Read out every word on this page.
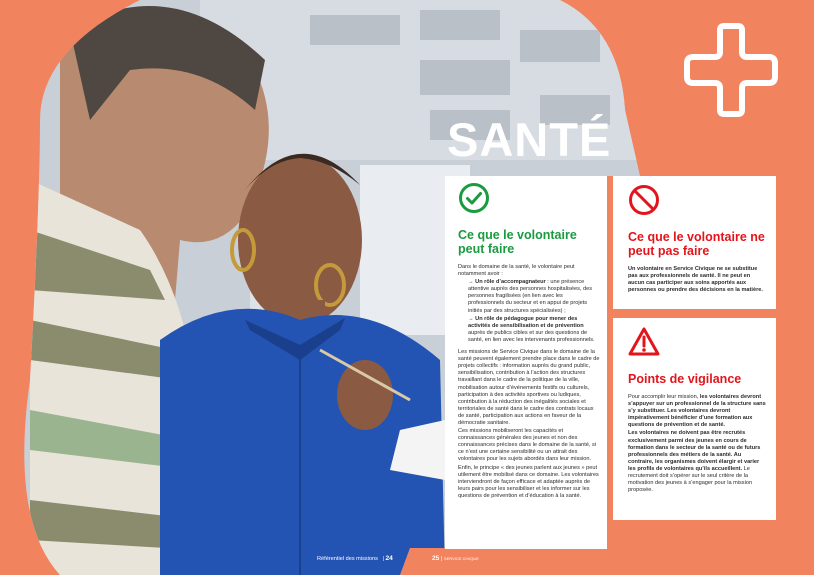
SANTÉ
Ce que le volontaire peut faire

Dans le domaine de la santé, le volontaire peut notamment avoir :

→ Un rôle d’accompagnateur : une présence attentive auprès des personnes hospitalisées, des personnes fragilisées (en lien avec les professionnels du secteur et en appui de projets initiés par des structures spécialisées) ;

→ Un rôle de pédagogue pour mener des activités de sensibilisation et de prévention auprès de publics cibles et sur des questions de santé, en lien avec les intervenants professionnels.

Les missions de Service Civique dans le domaine de la santé peuvent également prendre place dans le cadre de projets collectifs : information auprès du grand public, sensibilisation, contribution à l’action des structures travaillant dans le cadre de la politique de la ville, mobilisation autour d’événements festifs ou culturels, participation à des activités sportives ou ludiques, contribution à la réduction des inégalités sociales et territoriales de santé dans le cadre des contrats locaux de santé, participation aux actions en faveur de la démocratie sanitaire.

Ces missions mobiliseront les capacités et connaissances générales des jeunes et non des connaissances précises dans le domaine de la santé, si ce n’est une certaine sensibilité ou un attrait des volontaires pour les sujets abordés dans leur mission.

Enfin, le principe « des jeunes parlent aux jeunes » peut utilement être mobilisé dans ce domaine. Les volontaires interviendront de façon efficace et adaptée auprès de leurs pairs pour les sensibiliser et les informer sur les questions de prévention et d’éducation à la santé.

Ce que le volontaire ne peut pas faire
Un volontaire en Service Civique ne se substitue pas aux professionnels de santé. Il ne peut en aucun cas participer aux soins apportés aux personnes ou prendre des décisions en la matière.
Points de vigilance

Pour accomplir leur mission, les volontaires devront s’appuyer sur un professionnel de la structure sans s’y substituer. Les volontaires devront impérativement bénéficier d’une formation aux questions de prévention et de santé.

Les volontaires ne doivent pas être recrutés exclusivement parmi des jeunes en cours de formation dans le secteur de la santé ou de futurs professionnels des métiers de la santé. Au contraire, les organismes doivent élargir et varier les profils de volontaires qu’ils accueillent. Le recrutement doit s’opérer sur le seul critère de la motivation des jeunes à s’engager pour la mission proposée.

Référentiel des missions | 24	25 | SERVICE CIVIQUE
